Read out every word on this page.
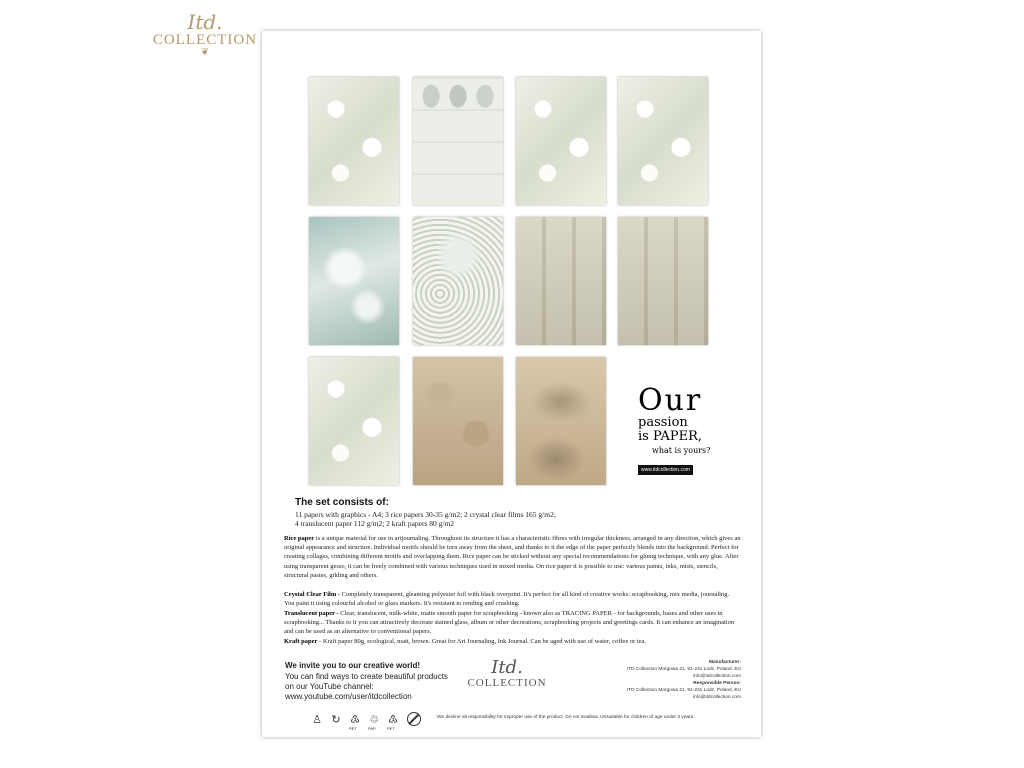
Itd.
COLLECTION
❦
Our
passion
is PAPER,
what is yours?
www.itdcollection.com
The set consists of:
11 papers with graphics - A4; 3 rice papers 30-35 g/m2; 2 crystal clear films 165 g/m2;
4 translucent paper 112 g/m2; 2 kraft papers 80 g/m2
Rice paper is a unique material for use in artjournaling. Throughout its structure it has a characteristic fibres with irregular thickness, arranged in any direction, which gives an original appearance and structure. Individual motifs should be torn away from the sheet, and thanks to it the edge of the paper perfectly blends into the background. Perfect for creating collages, combining different motifs and overlapping them. Rice paper can be sticked without any special recommendations for gluing technique, with any glue. After using transparent gesso, it can be freely combined with various techniques used in mixed media. On rice paper it is possible to use: various paints, inks, mists, stencils, structural pastes, gilding and others.
Crystal Clear Film - Completely transparent, gleaming polyester foil with black overprint. It's perfect for all kind of creative works: scrapbooking, mix media, journaling. You paint it using colourful alcohol or glass markers. It's resistant to rending and crushing.
Translucent paper - Clear, translucent, milk-white, matte smooth paper for scrapbooking - known also as TRACING PAPER - for backgrounds, bases and other uses in scrapbooking... Thanks to it you can attractively decorate stained glass, album or other decorations, scrapbooking projects and greetings cards. It can enhance an imagination and can be used as an alternative to conventional papers.
Kraft paper - Kraft paper 80g, ecological, matt, brown. Great for Art Journaling, Ink Journal. Can be aged with use of water, coffee or tea.
We invite you to our creative world!
You can find ways to create beautiful products
on our YouTube channel:
www.youtube.com/user/itdcollection
Itd.
COLLECTION
Manufacturer:
ITD Collection Morgowa 21, 91-231 Lodz, Poland, EU
info@itdcollection.com
Responsible Person:
ITD Collection Morgowa 21, 91-231 Lodz, Poland, EU
info@itdcollection.com
♙ ↻ ♳ ♲ ♳
PET	PAP	PET
We decline all responsibility for improper use of the product. Do not swallow. Unsuitable for children of age under 3 years.
